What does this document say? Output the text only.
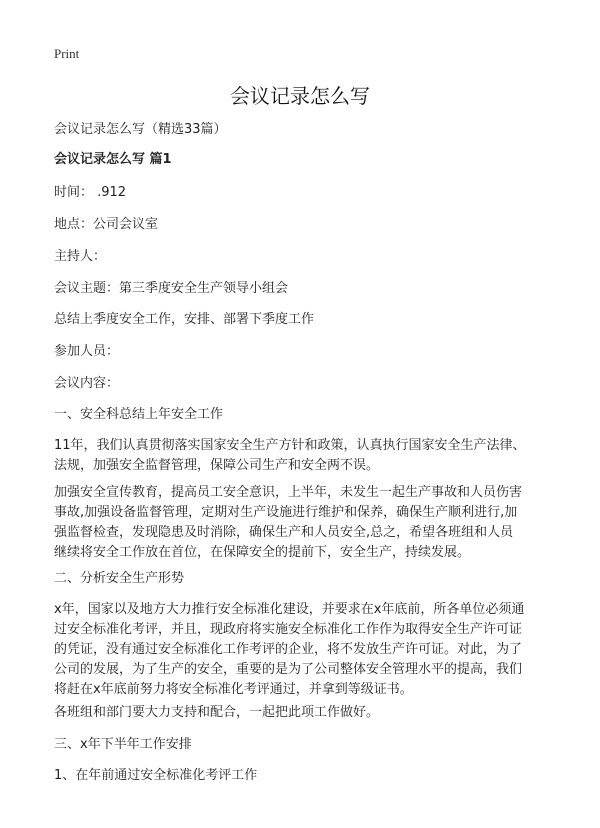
Print
会议记录怎么写
会议记录怎么写（精选33篇）
会议记录怎么写 篇1
时间： .912
地点：公司会议室
主持人：
会议主题：第三季度安全生产领导小组会
总结上季度安全工作，安排、部署下季度工作
参加人员：
会议内容：
一、安全科总结上年安全工作
11年，我们认真贯彻落实国家安全生产方针和政策，认真执行国家安全生产法律、
法规，加强安全监督管理，保障公司生产和安全两不误。
加强安全宣传教育，提高员工安全意识，上半年，未发生一起生产事故和人员伤害
事故,加强设备监督管理，定期对生产设施进行维护和保养，确保生产顺利进行,加
强监督检查，发现隐患及时消除，确保生产和人员安全,总之，希望各班组和人员
继续将安全工作放在首位，在保障安全的提前下，安全生产，持续发展。
二、分析安全生产形势
x年，国家以及地方大力推行安全标准化建设，并要求在x年底前，所各单位必须通
过安全标准化考评，并且，现政府将实施安全标准化工作作为取得安全生产许可证
的凭证，没有通过安全标准化工作考评的企业，将不发放生产许可证。对此，为了
公司的发展，为了生产的安全，重要的是为了公司整体安全管理水平的提高，我们
将赶在x年底前努力将安全标准化考评通过，并拿到等级证书。
各班组和部门要大力支持和配合，一起把此项工作做好。
三、x年下半年工作安排
1、在年前通过安全标准化考评工作
